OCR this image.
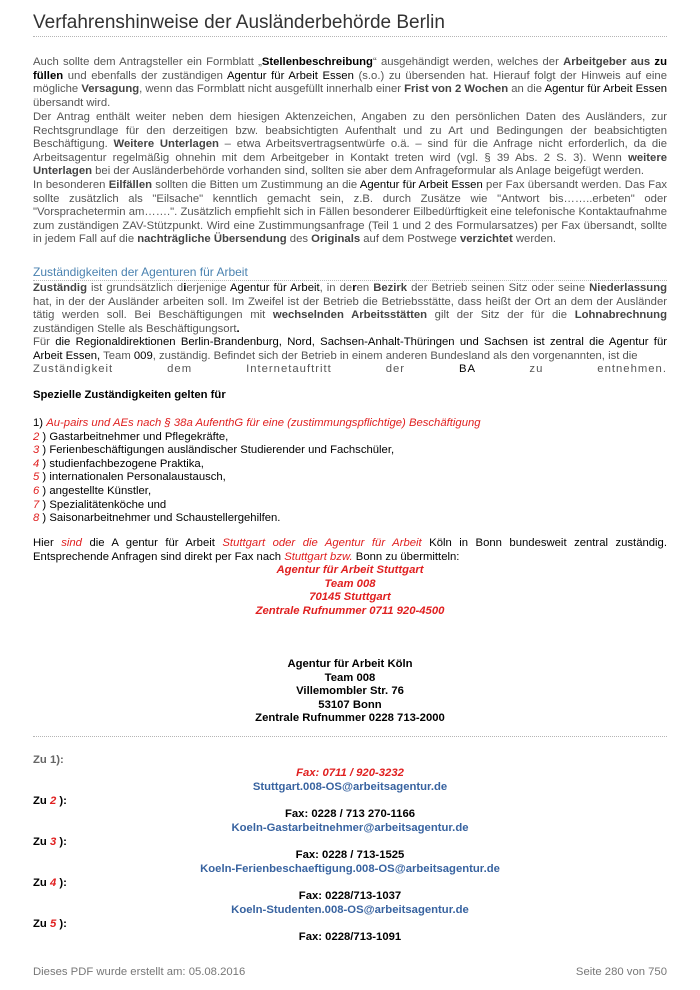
Verfahrenshinweise der Ausländerbehörde Berlin
Auch sollte dem Antragsteller ein Formblatt „Stellenbeschreibung“ ausgehändigt werden, welches der Arbeitgeber aus zu füllen und ebenfalls der zuständigen Agentur für Arbeit Essen (s.o.) zu übersenden hat. Hierauf folgt der Hinweis auf eine mögliche Versagung, wenn das Formblatt nicht ausgefüllt innerhalb einer Frist von 2 Wochen an die Agentur für Arbeit Essen übersandt wird.
Der Antrag enthält weiter neben dem hiesigen Aktenzeichen, Angaben zu den persönlichen Daten des Ausländers, zur Rechtsgrundlage für den derzeitigen bzw. beabsichtigten Aufenthalt und zu Art und Bedingungen der beabsichtigten Beschäftigung. Weitere Unterlagen – etwa Arbeitsvertragsentwürfe o.ä. – sind für die Anfrage nicht erforderlich, da die Arbeitsagentur regelmäßig ohnehin mit dem Arbeitgeber in Kontakt treten wird (vgl. § 39 Abs. 2 S. 3). Wenn weitere Unterlagen bei der Ausländerbehörde vorhanden sind, sollten sie aber dem Anfrageformular als Anlage beigefügt werden.
In besonderen Eilfällen sollten die Bitten um Zustimmung an die Agentur für Arbeit Essen per Fax übersandt werden. Das Fax sollte zusätzlich als "Eilsache" kenntlich gemacht sein, z.B. durch Zusätze wie "Antwort bis……..erbeten" oder "Vorsprachetermin am…….". Zusätzlich empfiehlt sich in Fällen besonderer Eilbedürftigkeit eine telefonische Kontaktaufnahme zum zuständigen ZAV-Stützpunkt. Wird eine Zustimmungsanfrage (Teil 1 und 2 des Formularsatzes) per Fax übersandt, sollte in jedem Fall auf die nachträgliche Übersendung des Originals auf dem Postwege verzichtet werden.
Zuständigkeiten der Agenturen für Arbeit
Zuständig ist grundsätzlich dierjenige Agentur für Arbeit, in deren Bezirk der Betrieb seinen Sitz oder seine Niederlassung hat, in der der Ausländer arbeiten soll. Im Zweifel ist der Betrieb die Betriebsstätte, dass heißt der Ort an dem der Ausländer tätig werden soll. Bei Beschäftigungen mit wechselnden Arbeitsstätten gilt der Sitz der für die Lohnabrechnung zuständigen Stelle als Beschäftigungsort.
Für die Regionaldirektionen Berlin-Brandenburg, Nord, Sachsen-Anhalt-Thüringen und Sachsen ist zentral die Agentur für Arbeit Essen, Team 009, zuständig. Befindet sich der Betrieb in einem anderen Bundesland als den vorgenannten, ist die
Zuständigkeit dem Internetauftritt der BA zu entnehmen.
Spezielle Zuständigkeiten gelten für
1) Au-pairs und AEs nach § 38a AufenthG für eine (zustimmungspflichtige) Beschäftigung
2 ) Gastarbeitnehmer und Pflegekräfte,
3 ) Ferienbeschäftigungen ausländischer Studierender und Fachschüler,
4 ) studienfachbezogene Praktika,
5 ) internationalen Personalaustausch,
6 ) angestellte Künstler,
7 ) Spezialitätenköche und
8 ) Saisonarbeitnehmer und Schaustellergehilfen.
Hier sind die A gentur für Arbeit Stuttgart oder die Agentur für Arbeit Köln in Bonn bundesweit zentral zuständig. Entsprechende Anfragen sind direkt per Fax nach Stuttgart bzw. Bonn zu übermitteln:
Agentur für Arbeit Stuttgart
Team 008
70145 Stuttgart
Zentrale Rufnummer 0711 920-4500
Agentur für Arbeit Köln
Team 008
Villemombler Str. 76
53107 Bonn
Zentrale Rufnummer 0228 713-2000
Zu 1):
Fax: 0711 / 920-3232
Stuttgart.008-OS@arbeitsagentur.de
Zu 2 ):
Fax: 0228 / 713 270-1166
Koeln-Gastarbeitnehmer@arbeitsagentur.de
Zu 3 ):
Fax: 0228 / 713-1525
Koeln-Ferienbeschaeftigung.008-OS@arbeitsagentur.de
Zu 4 ):
Fax: 0228/713-1037
Koeln-Studenten.008-OS@arbeitsagentur.de
Zu 5 ):
Fax: 0228/713-1091
Dieses PDF wurde erstellt am: 05.08.2016	Seite 280 von 750
